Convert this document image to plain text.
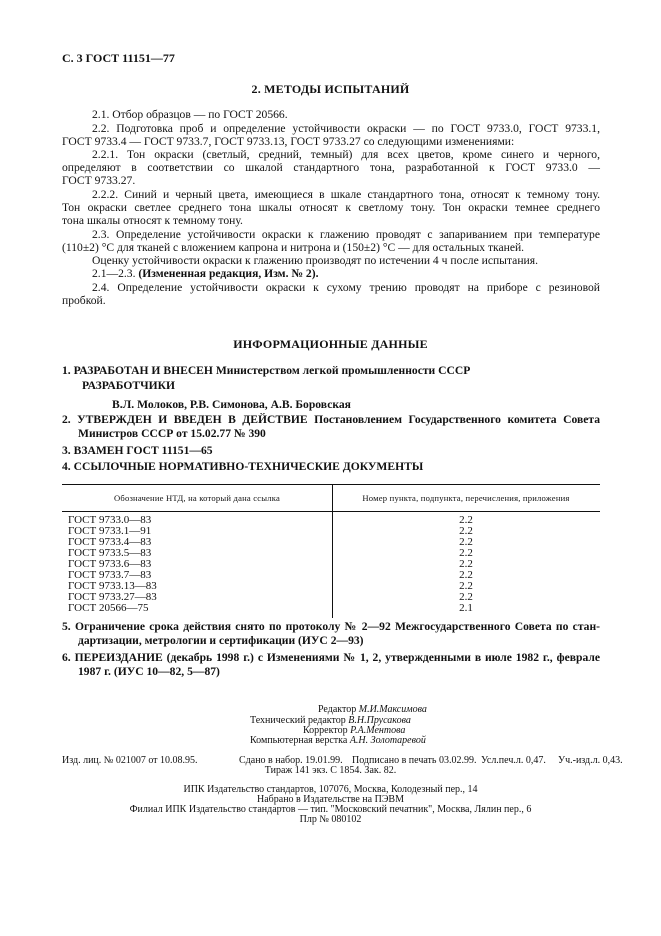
С. 3 ГОСТ 11151—77
2. МЕТОДЫ ИСПЫТАНИЙ
2.1. Отбор образцов — по ГОСТ 20566.
2.2. Подготовка проб и определение устойчивости окраски — по ГОСТ 9733.0, ГОСТ 9733.1,
ГОСТ 9733.4 — ГОСТ 9733.7, ГОСТ 9733.13, ГОСТ 9733.27 со следующими изменениями:
2.2.1. Тон окраски (светлый, средний, темный) для всех цветов, кроме синего и черного,
определяют в соответствии со шкалой стандартного тона, разработанной к ГОСТ 9733.0 —
ГОСТ 9733.27.
2.2.2. Синий и черный цвета, имеющиеся в шкале стандартного тона, относят к темному тону.
Тон окраски светлее среднего тона шкалы относят к светлому тону. Тон окраски темнее среднего
тона шкалы относят к темному тону.
2.3. Определение устойчивости окраски к глажению проводят с запариванием при температуре
(110±2) °С для тканей с вложением капрона и нитрона и (150±2) °С — для остальных тканей.
Оценку устойчивости окраски к глажению производят по истечении 4 ч после испытания.
2.1—2.3. (Измененная редакция, Изм. № 2).
2.4. Определение устойчивости окраски к сухому трению проводят на приборе с резиновой
пробкой.
ИНФОРМАЦИОННЫЕ ДАННЫЕ
1. РАЗРАБОТАН И ВНЕСЕН Министерством легкой промышленности СССР
РАЗРАБОТЧИКИ
В.Л. Молоков, Р.В. Симонова, А.В. Боровская
2. УТВЕРЖДЕН И ВВЕДЕН В ДЕЙСТВИЕ Постановлением Государственного комитета Совета
Министров СССР от 15.02.77 № 390
3. ВЗАМЕН ГОСТ 11151—65
4. ССЫЛОЧНЫЕ НОРМАТИВНО-ТЕХНИЧЕСКИЕ ДОКУМЕНТЫ
Обозначение НТД, на который дана ссылка	Номер пункта, подпункта, перечисления, приложения
ГОСТ 9733.0—83	2.2
ГОСТ 9733.1—91	2.2
ГОСТ 9733.4—83	2.2
ГОСТ 9733.5—83	2.2
ГОСТ 9733.6—83	2.2
ГОСТ 9733.7—83	2.2
ГОСТ 9733.13—83	2.2
ГОСТ 9733.27—83	2.2
ГОСТ 20566—75	2.1
5. Ограничение срока действия снято по протоколу № 2—92 Межгосударственного Совета по стан-
дартизации, метрологии и сертификации (ИУС 2—93)
6. ПЕРЕИЗДАНИЕ (декабрь 1998 г.) с Изменениями № 1, 2, утвержденными в июле 1982 г., феврале
1987 г. (ИУС 10—82, 5—87)
Редактор М.И.Максимова
Технический редактор В.Н.Прусакова
Корректор Р.А.Ментова
Компьютерная верстка А.Н. Золотаревой
Изд. лиц. № 021007 от 10.08.95.	Сдано в набор. 19.01.99. Подписано в печать 03.02.99. Усл.печ.л. 0,47. Уч.-изд.л. 0,43.
Тираж 141 экз. С 1854. Зак. 82.
ИПК Издательство стандартов, 107076, Москва, Колодезный пер., 14
Набрано в Издательстве на ПЭВМ
Филиал ИПК Издательство стандартов — тип. "Московский печатник", Москва, Лялин пер., 6
Плр № 080102
